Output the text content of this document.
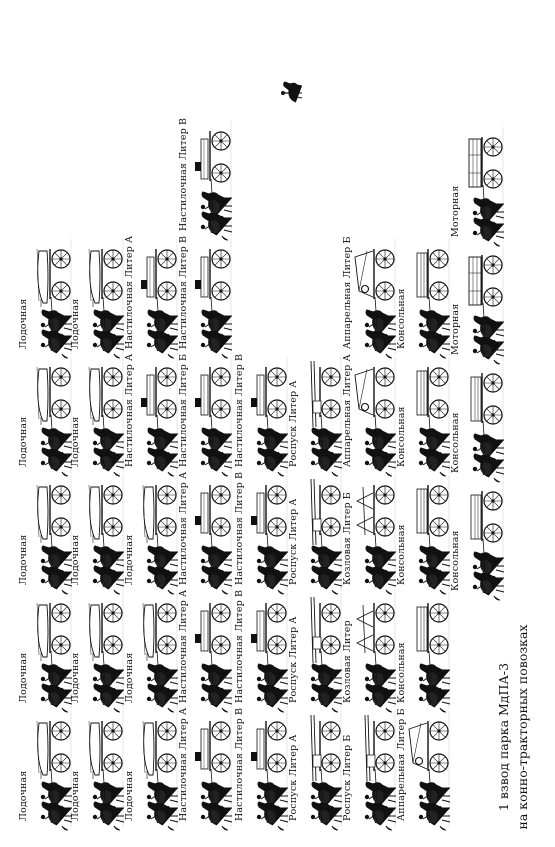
Лодочная
Лодочная
Лодочная
Лодочная
Лодочная
Лодочная
Лодочная
Лодочная
Лодочная
Лодочная
Лодочная
Лодочная
Лодочная
Настилочная Литер А
Настилочная Литер А
Настилочная Литер А
Настилочная Литер А
Настилочная Литер А
Настилочная Литер Б
Настилочная Литер В
Настилочная Литер В
Настилочная Литер В
Настилочная Литер В
Настилочная Литер В
Настилочная Литер В
Роспуск Литер А
Роспуск Литер А
Роспуск Литер А
Роспуск Литер А
Роспуск Литер Б
Козловая Литер
Козловая Литер Б
Аппарельная Литер А
Аппарельная Литер Б
Аппарельная Литер Б
Консольная
Консольная
Консольная
Консольная
Консольная
Консольная
Моторная
Моторная
1 взвод парка МдПА-3 на конно-тракторных повозках
